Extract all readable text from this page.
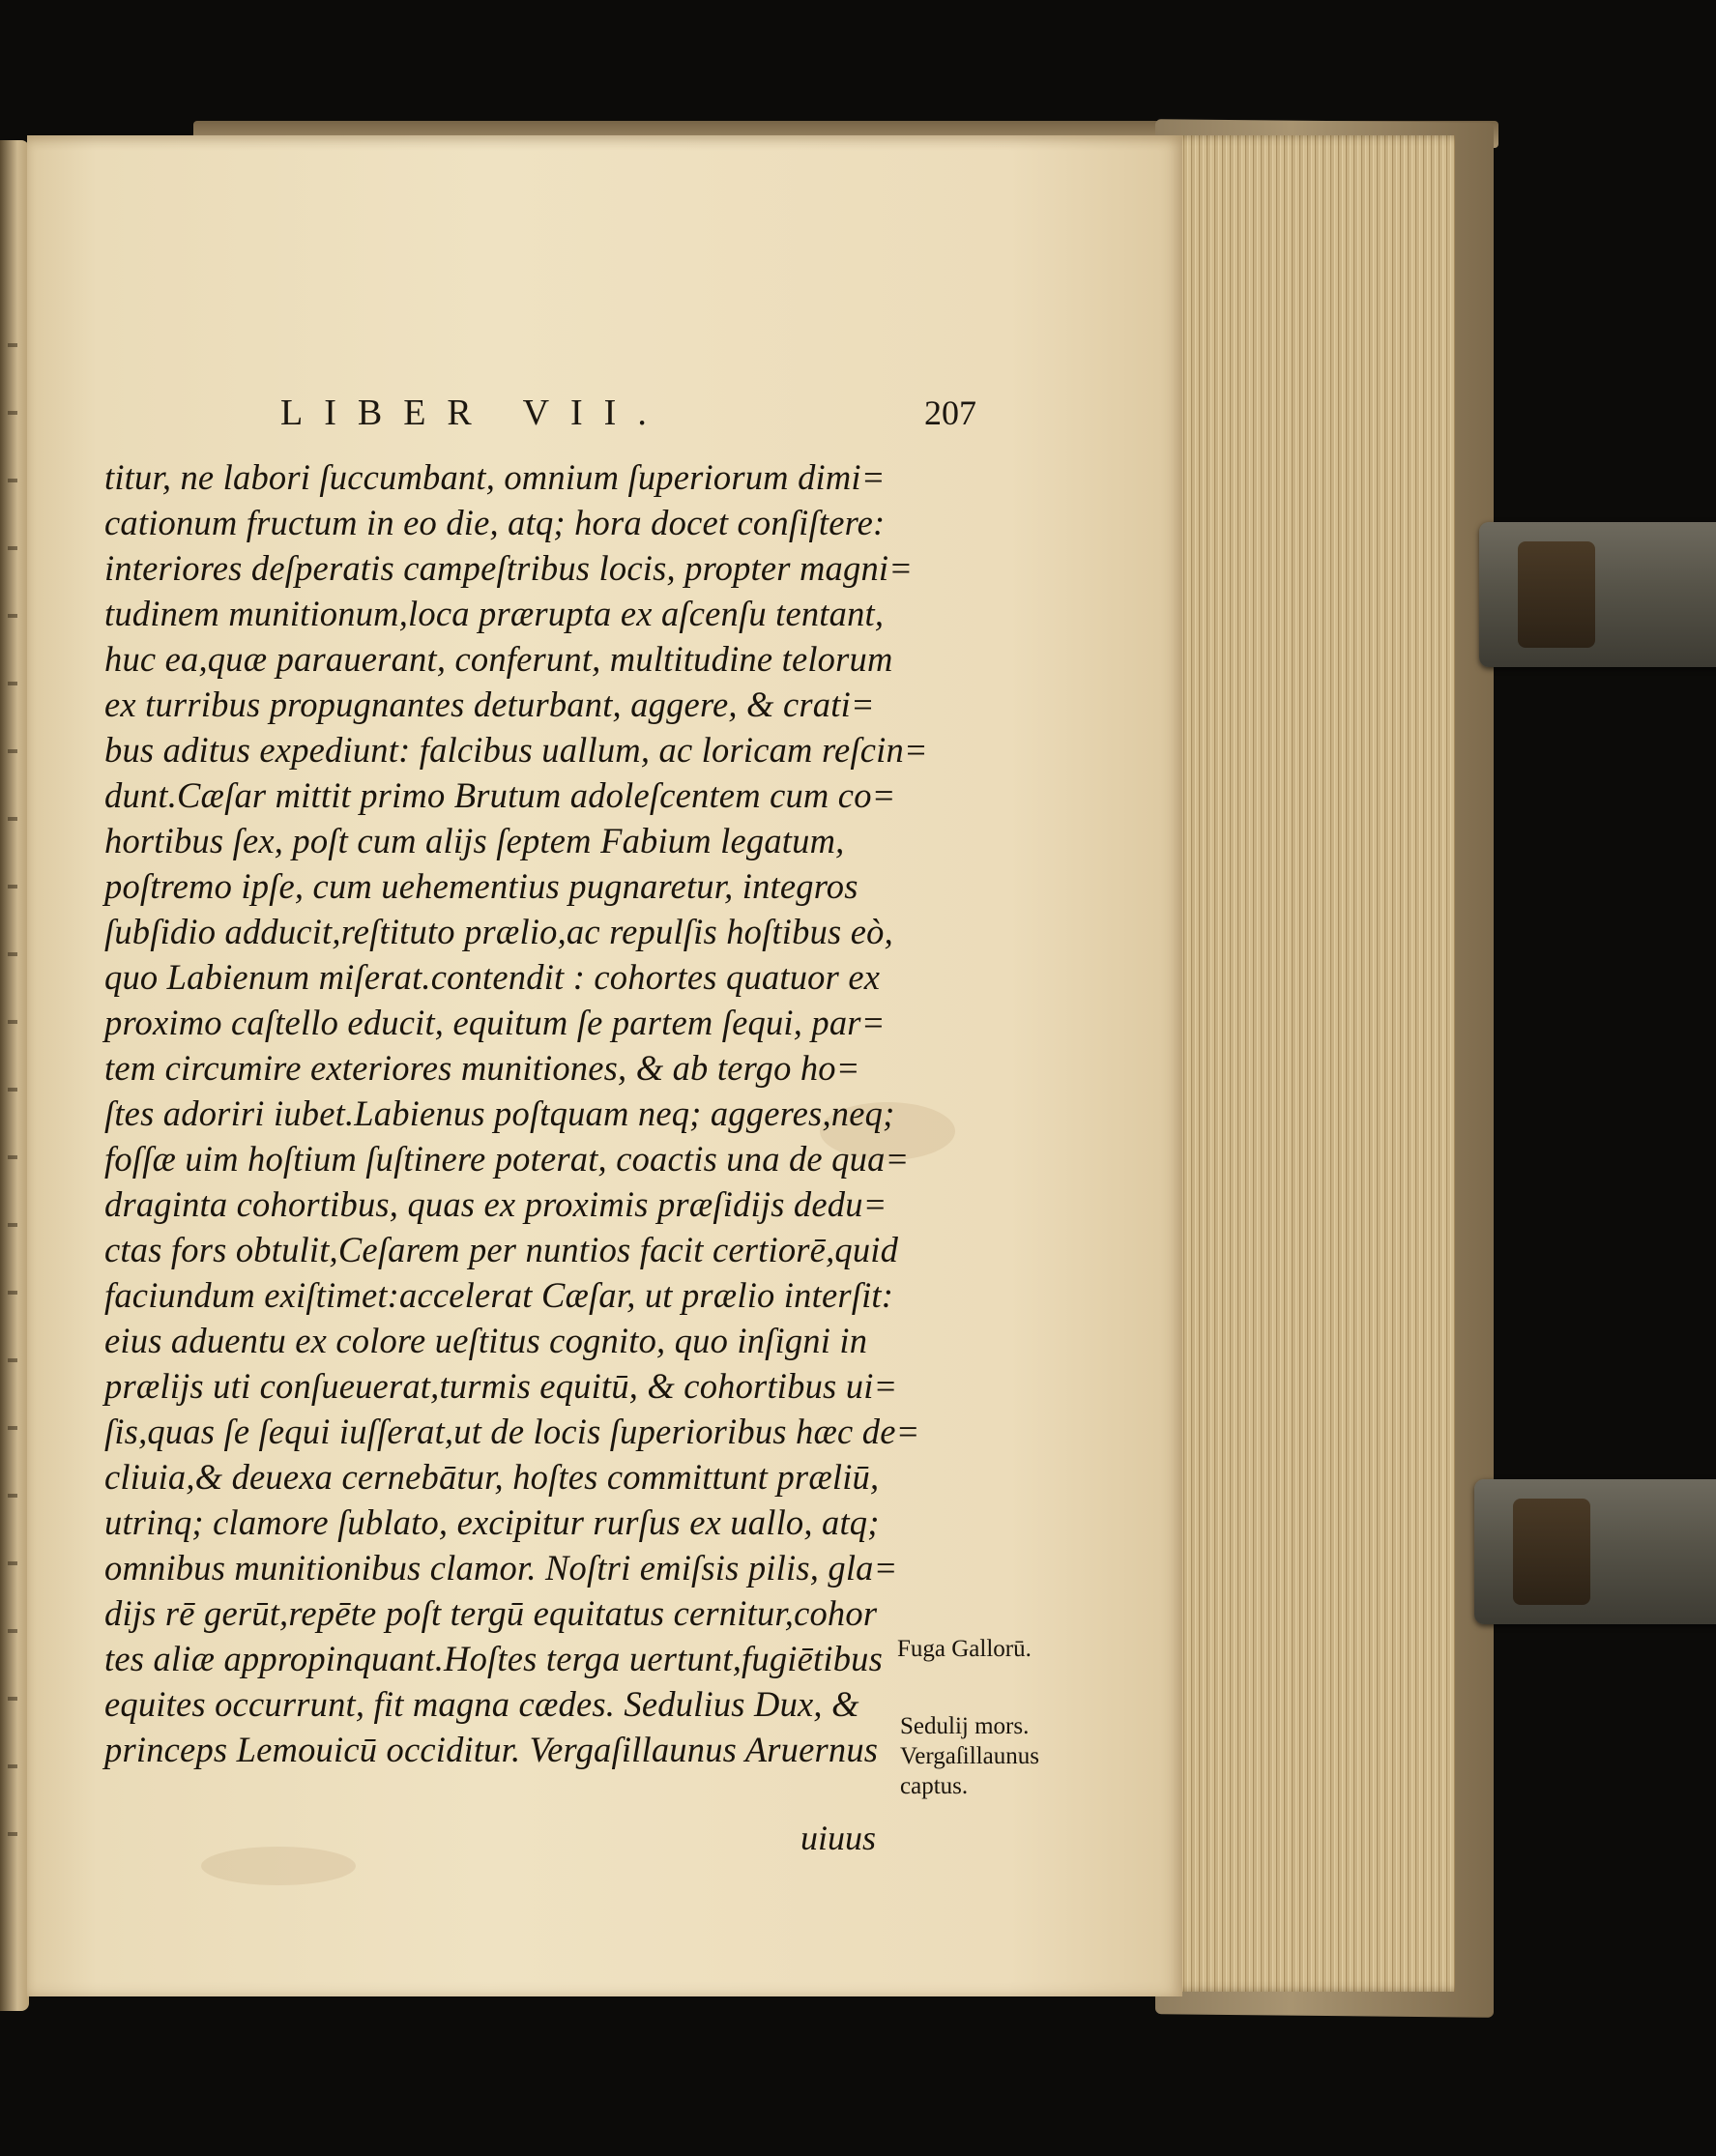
LIBER VII.	207
titur, ne labori ſuccumbant, omnium ſuperiorum dimi=
cationum fructum in eo die, atq; hora docet conſiſtere:
interiores deſperatis campeſtribus locis, propter magni=
tudinem munitionum,loca prærupta ex aſcenſu tentant,
huc ea,quæ parauerant, conferunt, multitudine telorum
ex turribus propugnantes deturbant, aggere, & crati=
bus aditus expediunt: falcibus uallum, ac loricam reſcin=
dunt.Cæſar mittit primo Brutum adoleſcentem cum co=
hortibus ſex, poſt cum alijs ſeptem Fabium legatum,
poſtremo ipſe, cum uehementius pugnaretur, integros
ſubſidio adducit,reſtituto prælio,ac repulſis hoſtibus eò,
quo Labienum miſerat.contendit : cohortes quatuor ex
proximo caſtello educit, equitum ſe partem ſequi, par=
tem circumire exteriores munitiones, & ab tergo ho=
ſtes adoriri iubet.Labienus poſtquam neq; aggeres,neq;
foſſæ uim hoſtium ſuſtinere poterat, coactis una de qua=
draginta cohortibus, quas ex proximis præſidijs dedu=
ctas fors obtulit,Ceſarem per nuntios facit certiorē,quid
faciundum exiſtimet:accelerat Cæſar, ut prælio interſit:
eius aduentu ex colore ueſtitus cognito, quo inſigni in
prælijs uti conſueuerat,turmis equitū, & cohortibus ui=
ſis,quas ſe ſequi iuſſerat,ut de locis ſuperioribus hæc de=
cliuia,& deuexa cernebātur, hoſtes committunt præliū,
utrinq; clamore ſublato, excipitur rurſus ex uallo, atq;
omnibus munitionibus clamor. Noſtri emiſsis pilis, gla=
dijs rē gerūt,repēte poſt tergū equitatus cernitur,cohor
tes aliæ appropinquant.Hoſtes terga uertunt,fugiētibus
equites occurrunt, fit magna cædes. Sedulius Dux, &
princeps Lemouicū occiditur. Vergaſillaunus Aruernus
uiuus
Fuga Gallorū.
Sedulij mors.
Vergaſillaunus
captus.
